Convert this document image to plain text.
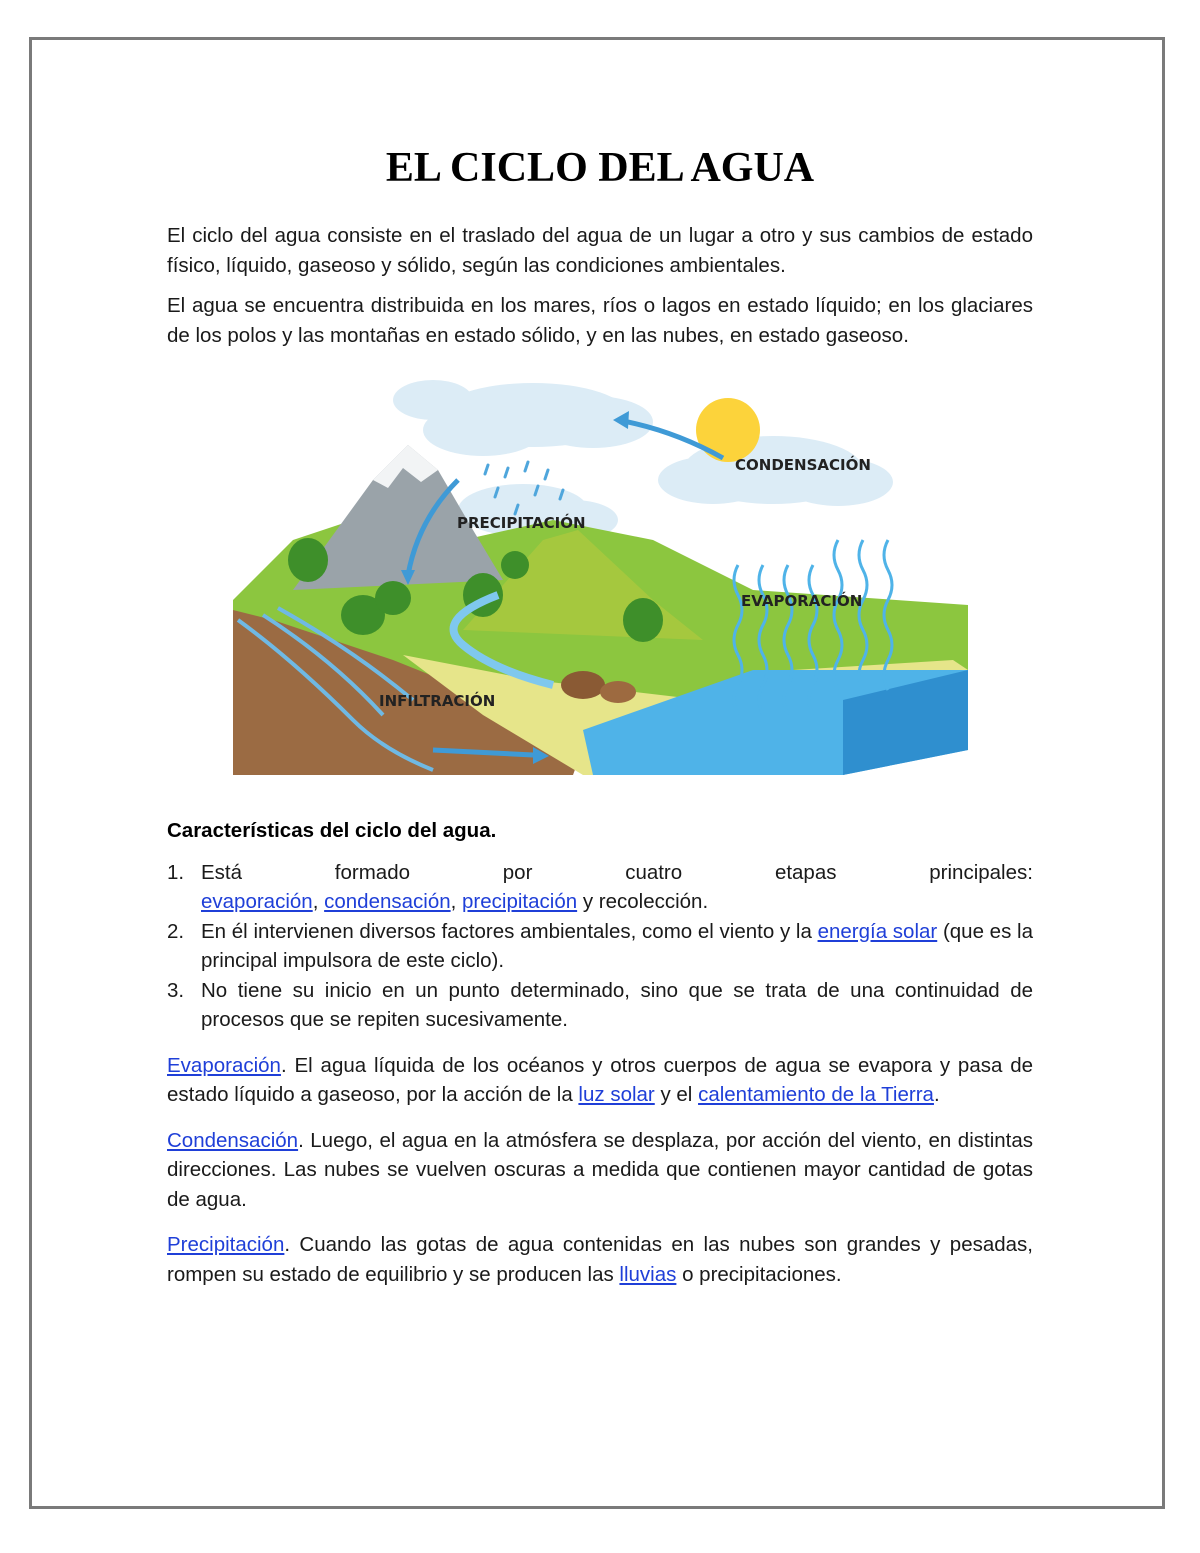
EL CICLO DEL AGUA

El ciclo del agua consiste en el traslado del agua de un lugar a otro y sus cambios de estado físico, líquido, gaseoso y sólido, según las condiciones ambientales.

El agua se encuentra distribuida en los mares, ríos o lagos en estado líquido; en los glaciares de los polos y las montañas en estado sólido, y en las nubes, en estado gaseoso.

CONDENSACIÓN
PRECIPITACIÓN
EVAPORACIÓN
INFILTRACIÓN
Características del ciclo del agua.
1. Está	formado	por	cuatro	etapas	principales:
evaporación, condensación, precipitación y recolección.
2. En él intervienen diversos factores ambientales, como el viento y la energía solar (que es la principal impulsora de este ciclo).
3. No tiene su inicio en un punto determinado, sino que se trata de una continuidad de procesos que se repiten sucesivamente.

Evaporación. El agua líquida de los océanos y otros cuerpos de agua se evapora y pasa de estado líquido a gaseoso, por la acción de la luz solar y el calentamiento de la Tierra.

Condensación. Luego, el agua en la atmósfera se desplaza, por acción del viento, en distintas direcciones. Las nubes se vuelven oscuras a medida que contienen mayor cantidad de gotas de agua.

Precipitación. Cuando las gotas de agua contenidas en las nubes son grandes y pesadas, rompen su estado de equilibrio y se producen las lluvias o precipitaciones.
